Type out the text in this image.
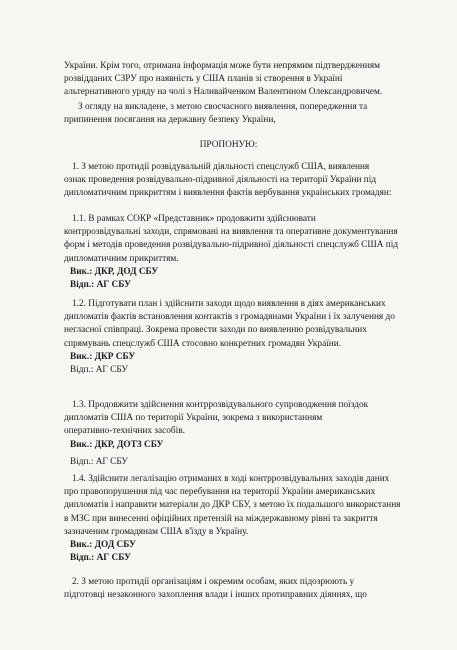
України. Крім того, отримана інформація може бути непрямим підтвердженням
розвідданих СЗРУ про наявність у США планів зі створення в Україні
альтернативного уряду на чолі з Наливайченком Валентином Олександровичем.
З огляду на викладене, з метою своєчасного виявлення, попередження та
припинення посягання на державну безпеку України,
ПРОПОНУЮ:
1. З метою протидії розвідувальній діяльності спецслужб США, виявлення
ознак проведення розвідувально-підривної діяльності на території України під
дипломатичним прикриттям і виявлення фактів вербування українських громадян:
1.1. В рамках СОКР «Представник» продовжити здійснювати
контррозвідувальні заходи, спрямовані на виявлення та оперативне документування
форм і методів проведення розвідувально-підривної діяльності спецслужб США під
дипломатичним прикриттям.
Вик.: ДКР, ДОД СБУ
Відп.: АГ СБУ
1.2. Підготувати план і здійснити заходи щодо виявлення в діях американських
дипломатів фактів встановлення контактів з громадянами України і їх залучення до
негласної співпраці. Зокрема провести заходи по виявленню розвідувальних
спрямувань спецслужб США стосовно конкретних громадян України.
Вик.: ДКР СБУ
Відп.: АГ СБУ
1.3. Продовжити здійснення контррозвідувального супроводження поїздок
дипломатів США по території України, зокрема з використанням
оперативно-технічних засобів.
Вик.: ДКР, ДОТЗ СБУ
Відп.: АГ СБУ
1.4. Здійснити легалізацію отриманих в ході контррозвідувальних заходів даних
про правопорушення під час перебування на території України американських
дипломатів і направити матеріали до ДКР СБУ, з метою їх подальшого використання
в МЗС при винесенні офіційних претензій на міждержавному рівні та закриття
зазначеним громадянам США в'їзду в Україну.
Вик.: ДОД СБУ
Відп.: АГ СБУ
2. З метою протидії організаціям і окремим особам, яких підозрюють у
підготовці незаконного захоплення влади і інших протиправних діяннях, що
